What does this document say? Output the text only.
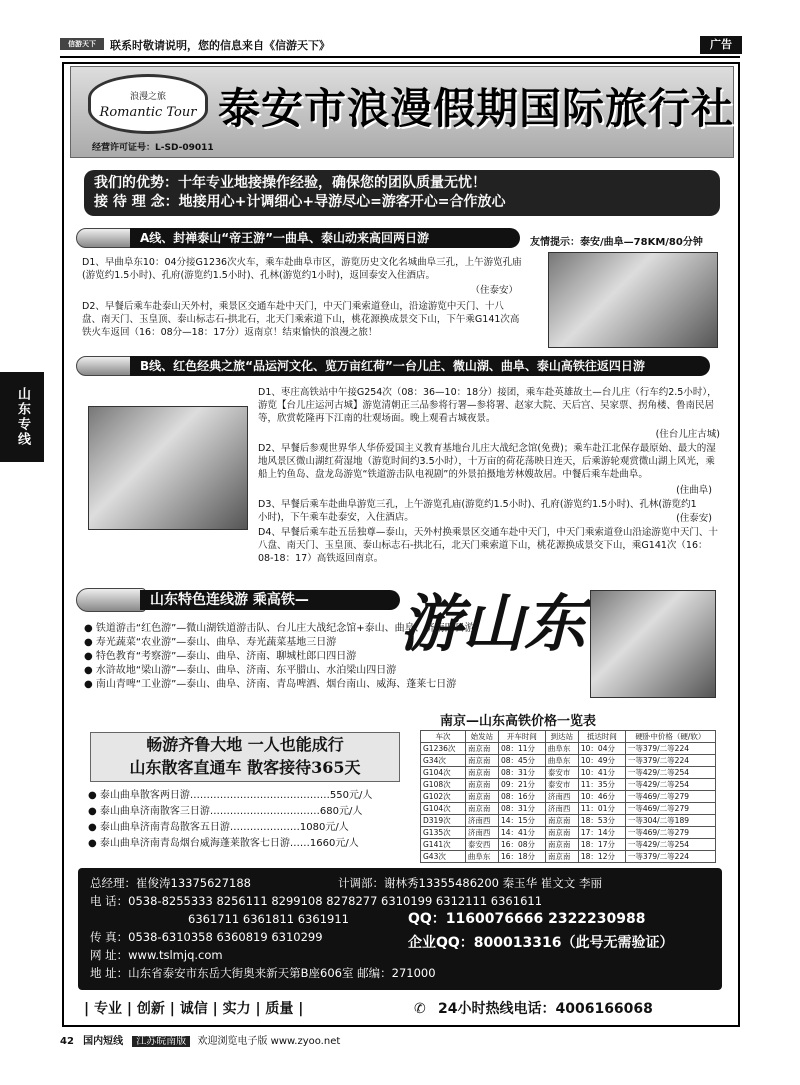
信游天下	联系时敬请说明，您的信息来自《信游天下》	广告
山东专线
浪漫之旅
Romantic Tour
经营许可证号：L-SD-09011
泰安市浪漫假期国际旅行社
我们的优势：十年专业地接操作经验，确保您的团队质量无忧！
接 待 理 念：地接用心+计调细心+导游尽心=游客开心=合作放心
A线、封禅泰山“帝王游”一曲阜、泰山动来高回两日游	友情提示：泰安/曲阜—78KM/80分钟
D1、早曲阜东10：04分接G1236次火车，乘车赴曲阜市区，游览历史文化名城曲阜三孔，上午游览孔庙(游览约1.5小时)、孔府(游览约1.5小时)、孔林(游览约1小时)，返回泰安入住酒店。
（住泰安）
D2、早餐后乘车赴泰山天外村，乘景区交通车赴中天门，中天门乘索道登山，沿途游览中天门、十八盘、南天门、玉皇顶、泰山标志石-拱北石，北天门乘索道下山，桃花源换成景交下山，下午乘G141次高铁火车返回（16：08分—18：17分）返南京！结束愉快的浪漫之旅！
B线、红色经典之旅“品运河文化、览万亩红荷”一台儿庄、微山湖、曲阜、泰山高铁往返四日游
D1、枣庄高铁站中午接G254次（08：36—10：18分）接团，乘车赴英雄故土—台儿庄（行车约2.5小时），游览【台儿庄运河古城】游览清朝正三品参将行署—参将署、赵家大院、天后宫、吴家票、拐角楼、鲁南民居等，欣赏乾隆再下江南的壮观场面。晚上观看古城夜景。
(住台儿庄古城)
D2、早餐后参观世界华人华侨爱国主义教育基地台儿庄大战纪念馆(免费)；乘车赴江北保存最原始、最大的湿地风景区微山湖红荷湿地（游览时间约3.5小时），十万亩的荷花荡映日连天，后乘游轮观赏微山湖上风光，乘船上钓鱼岛、盘龙岛游览“铁道游击队电视剧”的外景拍摄地芳林嫂故居。中餐后乘车赴曲阜。
(住曲阜)
D3、早餐后乘车赴曲阜游览三孔，上午游览孔庙(游览约1.5小时)、孔府(游览约1.5小时)、孔林(游览约1小时)，下午乘车赴泰安，入住酒店。	(住泰安)
D4、早餐后乘车赴五岳独尊—泰山，天外村换乘景区交通车赴中天门，中天门乘索道登山沿途游览中天门、十八盘、南天门、玉皇顶、泰山标志石-拱北石，北天门乘索道下山，桃花源换成景交下山，乘G141次（16：08-18：17）高铁返回南京。
山东特色连线游 乘高铁—	游山东
● 铁道游击“红色游”—微山湖铁道游击队、台儿庄大战纪念馆+泰山、曲阜、济南四日游
● 寿光蔬菜“农业游”—泰山、曲阜、寿光蔬菜基地三日游
● 特色教育“考察游”—泰山、曲阜、济南、聊城杜郎口四日游
● 水浒故地“梁山游”—泰山、曲阜、济南、东平腊山、水泊梁山四日游
● 南山青啤“工业游”—泰山、曲阜、济南、青岛啤酒、烟台南山、威海、蓬莱七日游
畅游齐鲁大地 一人也能成行
山东散客直通车 散客接待365天
● 泰山曲阜散客两日游……………………………………550元/人
● 泰山曲阜济南散客三日游……………………………680元/人
● 泰山曲阜济南青岛散客五日游…………………1080元/人
● 泰山曲阜济南青岛烟台威海蓬莱散客七日游……1660元/人
南京—山东高铁价格一览表
车次	始发站	开车时间	到达站	抵达时间	硬卧中价格（硬/软）
G1236次	南京南	08：11分	曲阜东	10：04分	一等379/二等224
G34次	南京南	08：45分	曲阜东	10：49分	一等379/二等224
G104次	南京南	08：31分	泰安市	10：41分	一等429/二等254
G108次	南京南	09：21分	泰安市	11：35分	一等429/二等254
G102次	南京南	08：16分	济南西	10：46分	一等469/二等279
G104次	南京南	08：31分	济南西	11：01分	一等469/二等279
D319次	济南西	14：15分	南京南	18：53分	一等304/二等189
G135次	济南西	14：41分	南京南	17：14分	一等469/二等279
G141次	泰安西	16：08分	南京南	18：17分	一等429/二等254
G43次	曲阜东	16：18分	南京南	18：12分	一等379/二等224
总经理：崔俊涛13375627188	计调部：谢林秀13355486200 秦玉华 崔文文 李丽
电 话：0538-8255333 8256111 8299108 8278277 6310199 6312111 6361611
6361711 6361811 6361911	QQ：1160076666 2322230988
传 真：0538-6310358 6360819 6310299	企业QQ：800013316（此号无需验证）
网 址：www.tslmjq.com
地 址：山东省泰安市东岳大街奥来新天第B座606室 邮编：271000
| 专业 | 创新 | 诚信 | 实力 | 质量 |	✆ 24小时热线电话：4006166068
42 国内短线 江苏皖南版 欢迎浏览电子版 www.zyoo.net
